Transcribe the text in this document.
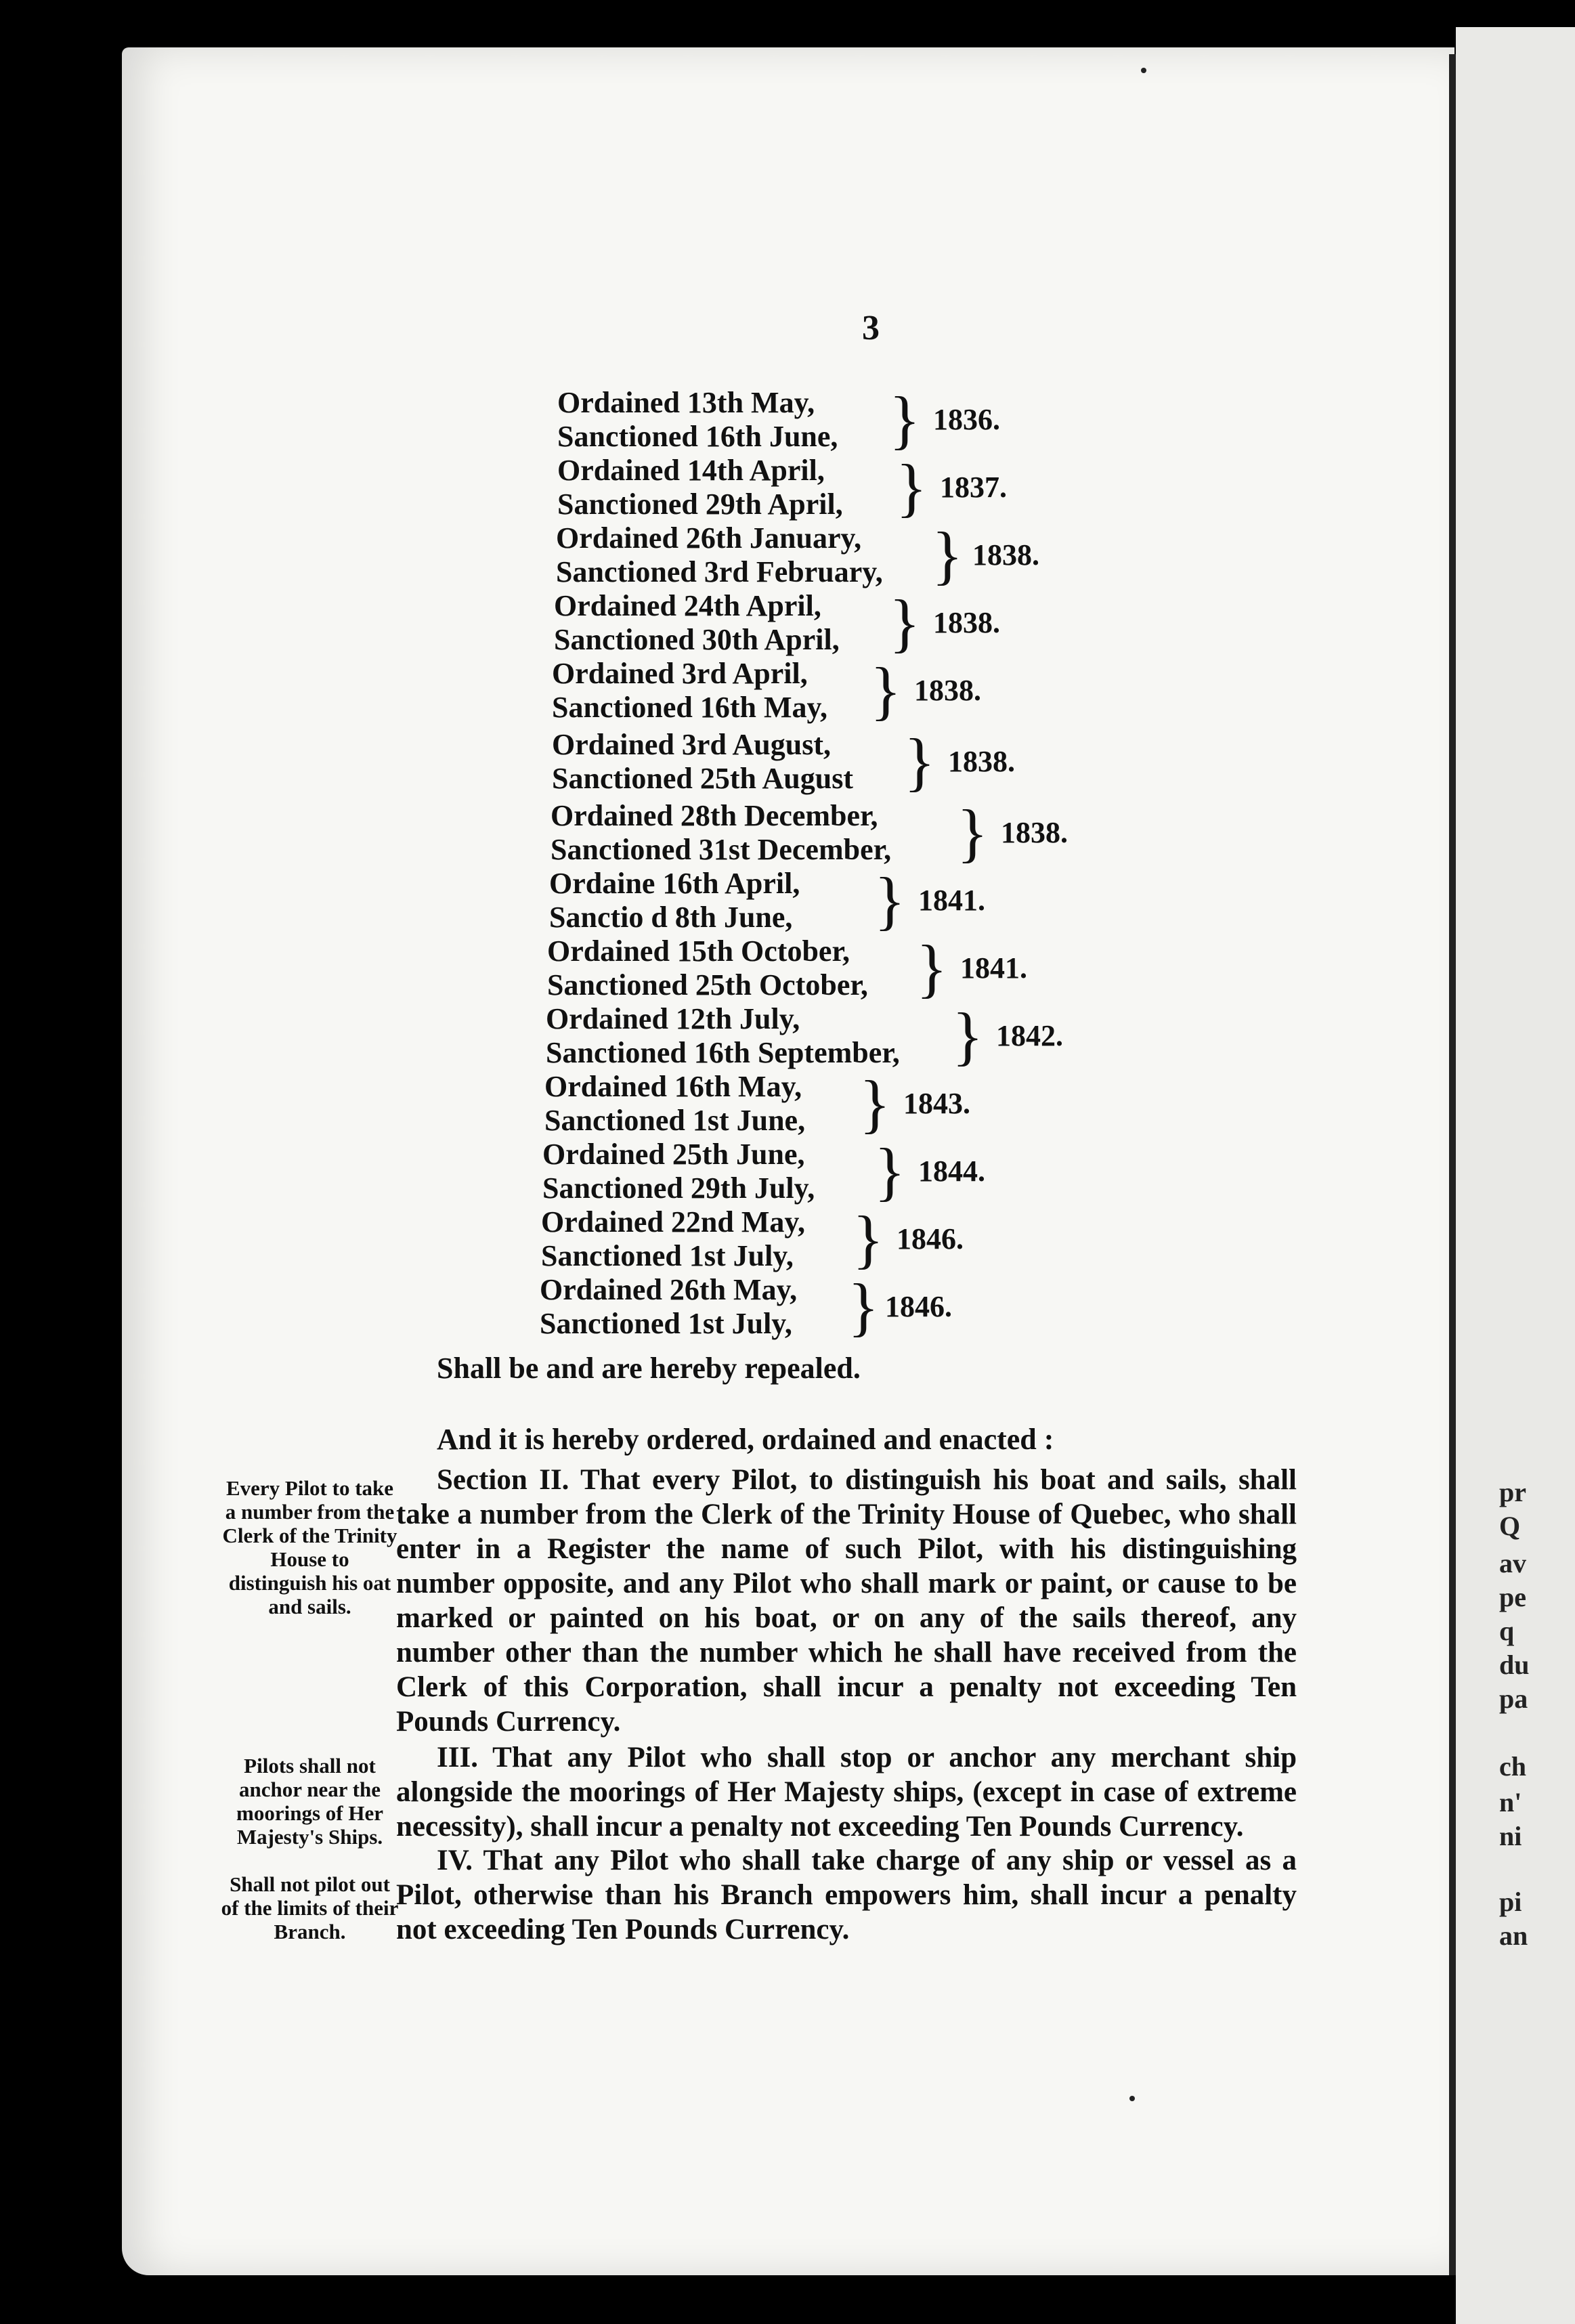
pr
Q
av
pe
q
du
pa
ch
n'
ni
pi
an
3
Ordained 13th May,
Sanctioned 16th June, } 1836.
Ordained 14th April,
Sanctioned 29th April, } 1837.
Ordained 26th January,
Sanctioned 3rd February, } 1838.
Ordained 24th April,
Sanctioned 30th April, } 1838.
Ordained 3rd April,
Sanctioned 16th May, } 1838.
Ordained 3rd August,
Sanctioned 25th August } 1838.
Ordained 28th December,
Sanctioned 31st December, } 1838.
Ordaine 16th April,
Sanctio d 8th June, } 1841.
Ordained 15th October,
Sanctioned 25th October, } 1841.
Ordained 12th July,
Sanctioned 16th September, } 1842.
Ordained 16th May,
Sanctioned 1st June, } 1843.
Ordained 25th June,
Sanctioned 29th July, } 1844.
Ordained 22nd May,
Sanctioned 1st July, } 1846.
Ordained 26th May,
Sanctioned 1st July, } 1846.
Shall be and are hereby repealed.
And it is hereby ordered, ordained and enacted :
Every Pilot to take a number from the Clerk of the Trinity House to distinguish his oat and sails.
Section II. That every Pilot, to distinguish his boat and sails, shall take a number from the Clerk of the Trinity House of Quebec, who shall enter in a Register the name of such Pilot, with his distinguishing number opposite, and any Pilot who shall mark or paint, or cause to be marked or painted on his boat, or on any of the sails thereof, any number other than the number which he shall have received from the Clerk of this Corporation, shall incur a penalty not exceeding Ten Pounds Currency.
Pilots shall not anchor near the moorings of Her Majesty's Ships.
III. That any Pilot who shall stop or anchor any merchant ship alongside the moorings of Her Majesty ships, (except in case of extreme necessity), shall incur a penalty not exceeding Ten Pounds Currency.
Shall not pilot out of the limits of their Branch.
IV. That any Pilot who shall take charge of any ship or vessel as a Pilot, otherwise than his Branch empowers him, shall incur a penalty not exceeding Ten Pounds Currency.
